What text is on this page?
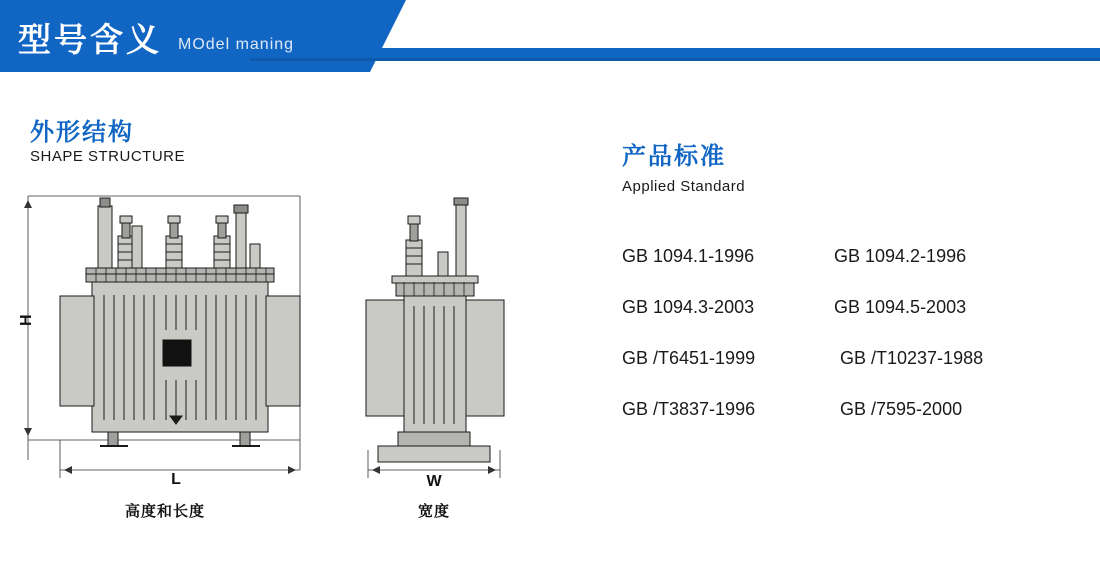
型号含义 MOdel maning
外形结构
SHAPE STRUCTURE	产品标准
Applied Standard
GB 1094.1-1996	GB 1094.2-1996
GB 1094.3-2003	GB 1094.5-2003
GB /T6451-1999	GB /T10237-1988
GB /T3837-1996	GB /7595-2000
H
L	W
高度和长度	宽度
